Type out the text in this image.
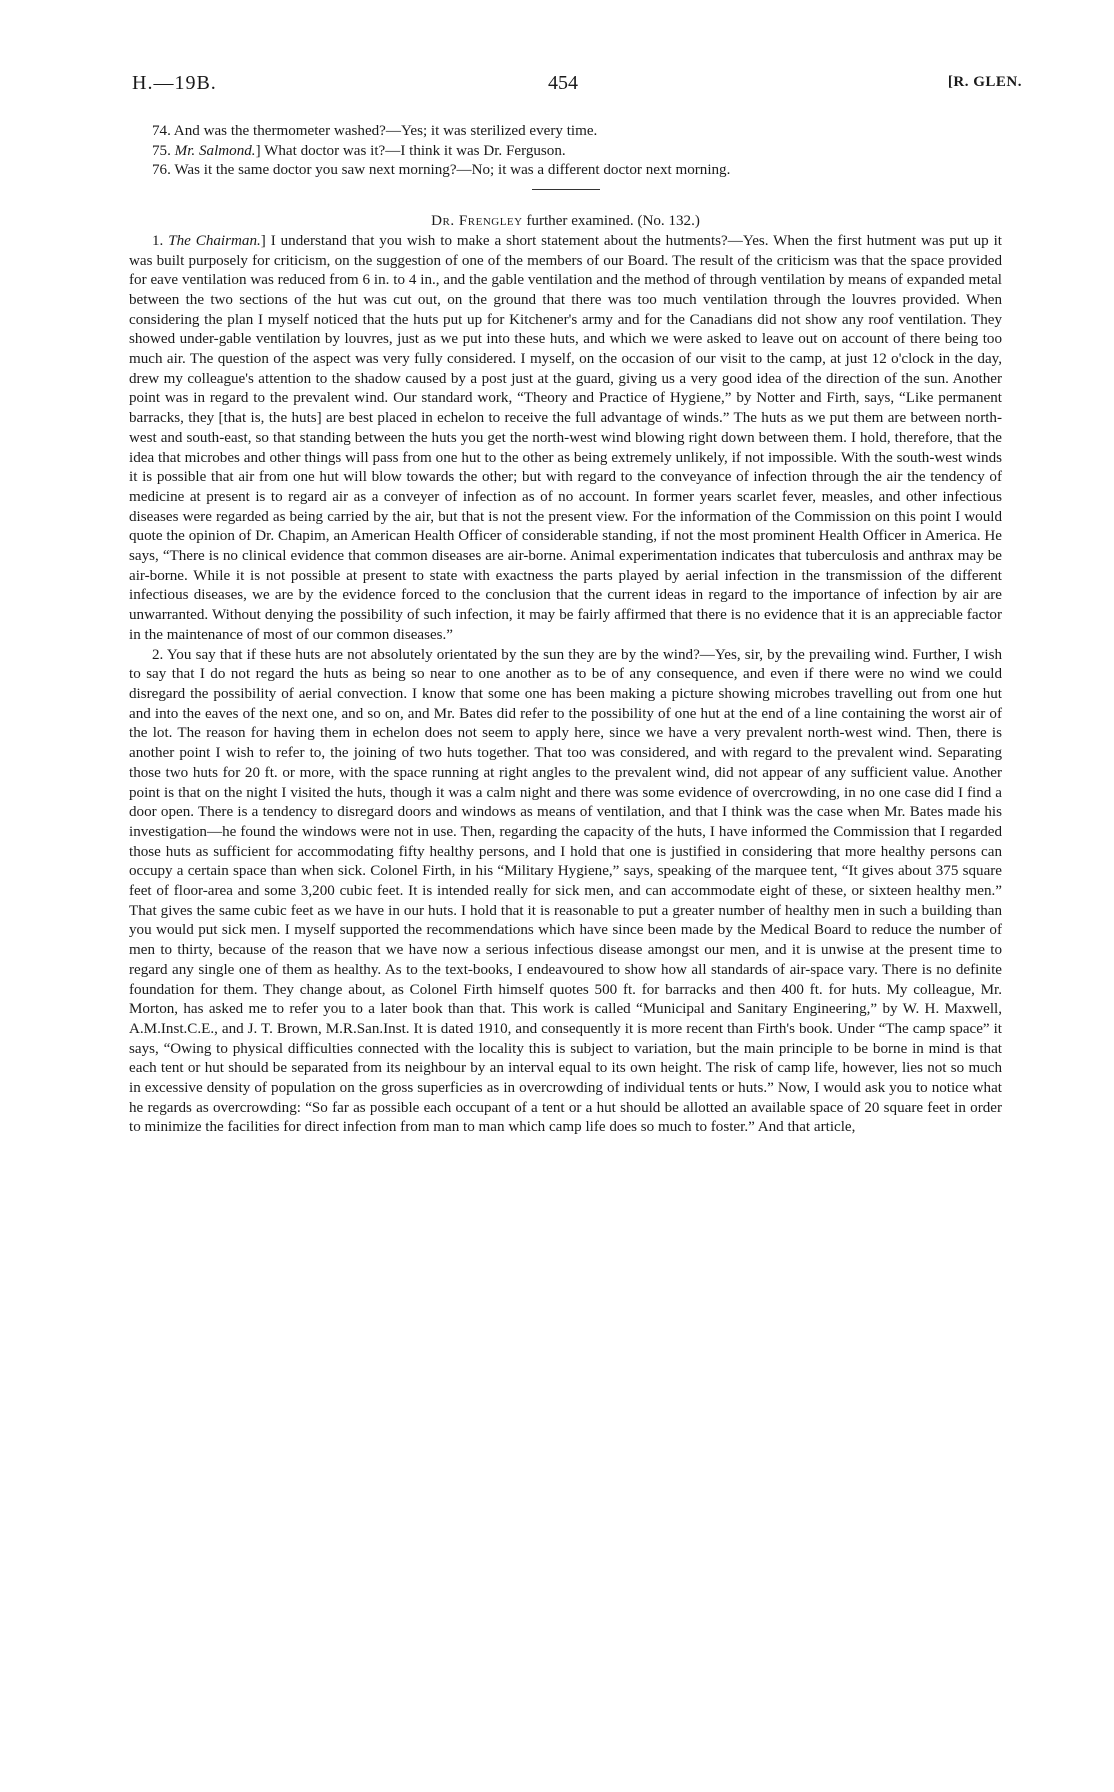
H.—19B.	454	[R. GLEN.

74. And was the thermometer washed?—Yes; it was sterilized every time.

75. Mr. Salmond.] What doctor was it?—I think it was Dr. Ferguson.

76. Was it the same doctor you saw next morning?—No; it was a different doctor next morning.

Dr. Frengley further examined. (No. 132.)

1. The Chairman.] I understand that you wish to make a short statement about the hutments?—Yes. When the first hutment was put up it was built purposely for criticism, on the suggestion of one of the members of our Board. The result of the criticism was that the space provided for eave ventilation was reduced from 6 in. to 4 in., and the gable ventilation and the method of through ventilation by means of expanded metal between the two sections of the hut was cut out, on the ground that there was too much ventilation through the louvres provided. When considering the plan I myself noticed that the huts put up for Kitchener's army and for the Canadians did not show any roof ventilation. They showed under-gable ventilation by louvres, just as we put into these huts, and which we were asked to leave out on account of there being too much air. The question of the aspect was very fully considered. I myself, on the occasion of our visit to the camp, at just 12 o'clock in the day, drew my colleague's attention to the shadow caused by a post just at the guard, giving us a very good idea of the direction of the sun. Another point was in regard to the prevalent wind. Our standard work, “Theory and Practice of Hygiene,” by Notter and Firth, says, “Like permanent barracks, they [that is, the huts] are best placed in echelon to receive the full advantage of winds.” The huts as we put them are between north-west and south-east, so that standing between the huts you get the north-west wind blowing right down between them. I hold, therefore, that the idea that microbes and other things will pass from one hut to the other as being extremely unlikely, if not impossible. With the south-west winds it is possible that air from one hut will blow towards the other; but with regard to the conveyance of infection through the air the tendency of medicine at present is to regard air as a conveyer of infection as of no account. In former years scarlet fever, measles, and other infectious diseases were regarded as being carried by the air, but that is not the present view. For the information of the Commission on this point I would quote the opinion of Dr. Chapim, an American Health Officer of considerable standing, if not the most prominent Health Officer in America. He says, “There is no clinical evidence that common diseases are air-borne. Animal experimentation indicates that tuberculosis and anthrax may be air-borne. While it is not possible at present to state with exactness the parts played by aerial infection in the transmission of the different infectious diseases, we are by the evidence forced to the conclusion that the current ideas in regard to the importance of infection by air are unwarranted. Without denying the possibility of such infection, it may be fairly affirmed that there is no evidence that it is an appreciable factor in the maintenance of most of our common diseases.”

2. You say that if these huts are not absolutely orientated by the sun they are by the wind?—Yes, sir, by the prevailing wind. Further, I wish to say that I do not regard the huts as being so near to one another as to be of any consequence, and even if there were no wind we could disregard the possibility of aerial convection. I know that some one has been making a picture showing microbes travelling out from one hut and into the eaves of the next one, and so on, and Mr. Bates did refer to the possibility of one hut at the end of a line containing the worst air of the lot. The reason for having them in echelon does not seem to apply here, since we have a very prevalent north-west wind. Then, there is another point I wish to refer to, the joining of two huts together. That too was considered, and with regard to the prevalent wind. Separating those two huts for 20 ft. or more, with the space running at right angles to the prevalent wind, did not appear of any sufficient value. Another point is that on the night I visited the huts, though it was a calm night and there was some evidence of overcrowding, in no one case did I find a door open. There is a tendency to disregard doors and windows as means of ventilation, and that I think was the case when Mr. Bates made his investigation—he found the windows were not in use. Then, regarding the capacity of the huts, I have informed the Commission that I regarded those huts as sufficient for accommodating fifty healthy persons, and I hold that one is justified in considering that more healthy persons can occupy a certain space than when sick. Colonel Firth, in his “Military Hygiene,” says, speaking of the marquee tent, “It gives about 375 square feet of floor-area and some 3,200 cubic feet. It is intended really for sick men, and can accommodate eight of these, or sixteen healthy men.” That gives the same cubic feet as we have in our huts. I hold that it is reasonable to put a greater number of healthy men in such a building than you would put sick men. I myself supported the recommendations which have since been made by the Medical Board to reduce the number of men to thirty, because of the reason that we have now a serious infectious disease amongst our men, and it is unwise at the present time to regard any single one of them as healthy. As to the text-books, I endeavoured to show how all standards of air-space vary. There is no definite foundation for them. They change about, as Colonel Firth himself quotes 500 ft. for barracks and then 400 ft. for huts. My colleague, Mr. Morton, has asked me to refer you to a later book than that. This work is called “Municipal and Sanitary Engineering,” by W. H. Maxwell, A.M.Inst.C.E., and J. T. Brown, M.R.San.Inst. It is dated 1910, and consequently it is more recent than Firth's book. Under “The camp space” it says, “Owing to physical difficulties connected with the locality this is subject to variation, but the main principle to be borne in mind is that each tent or hut should be separated from its neighbour by an interval equal to its own height. The risk of camp life, however, lies not so much in excessive density of population on the gross superficies as in overcrowding of individual tents or huts.” Now, I would ask you to notice what he regards as overcrowding: “So far as possible each occupant of a tent or a hut should be allotted an available space of 20 square feet in order to minimize the facilities for direct infection from man to man which camp life does so much to foster.” And that article,
